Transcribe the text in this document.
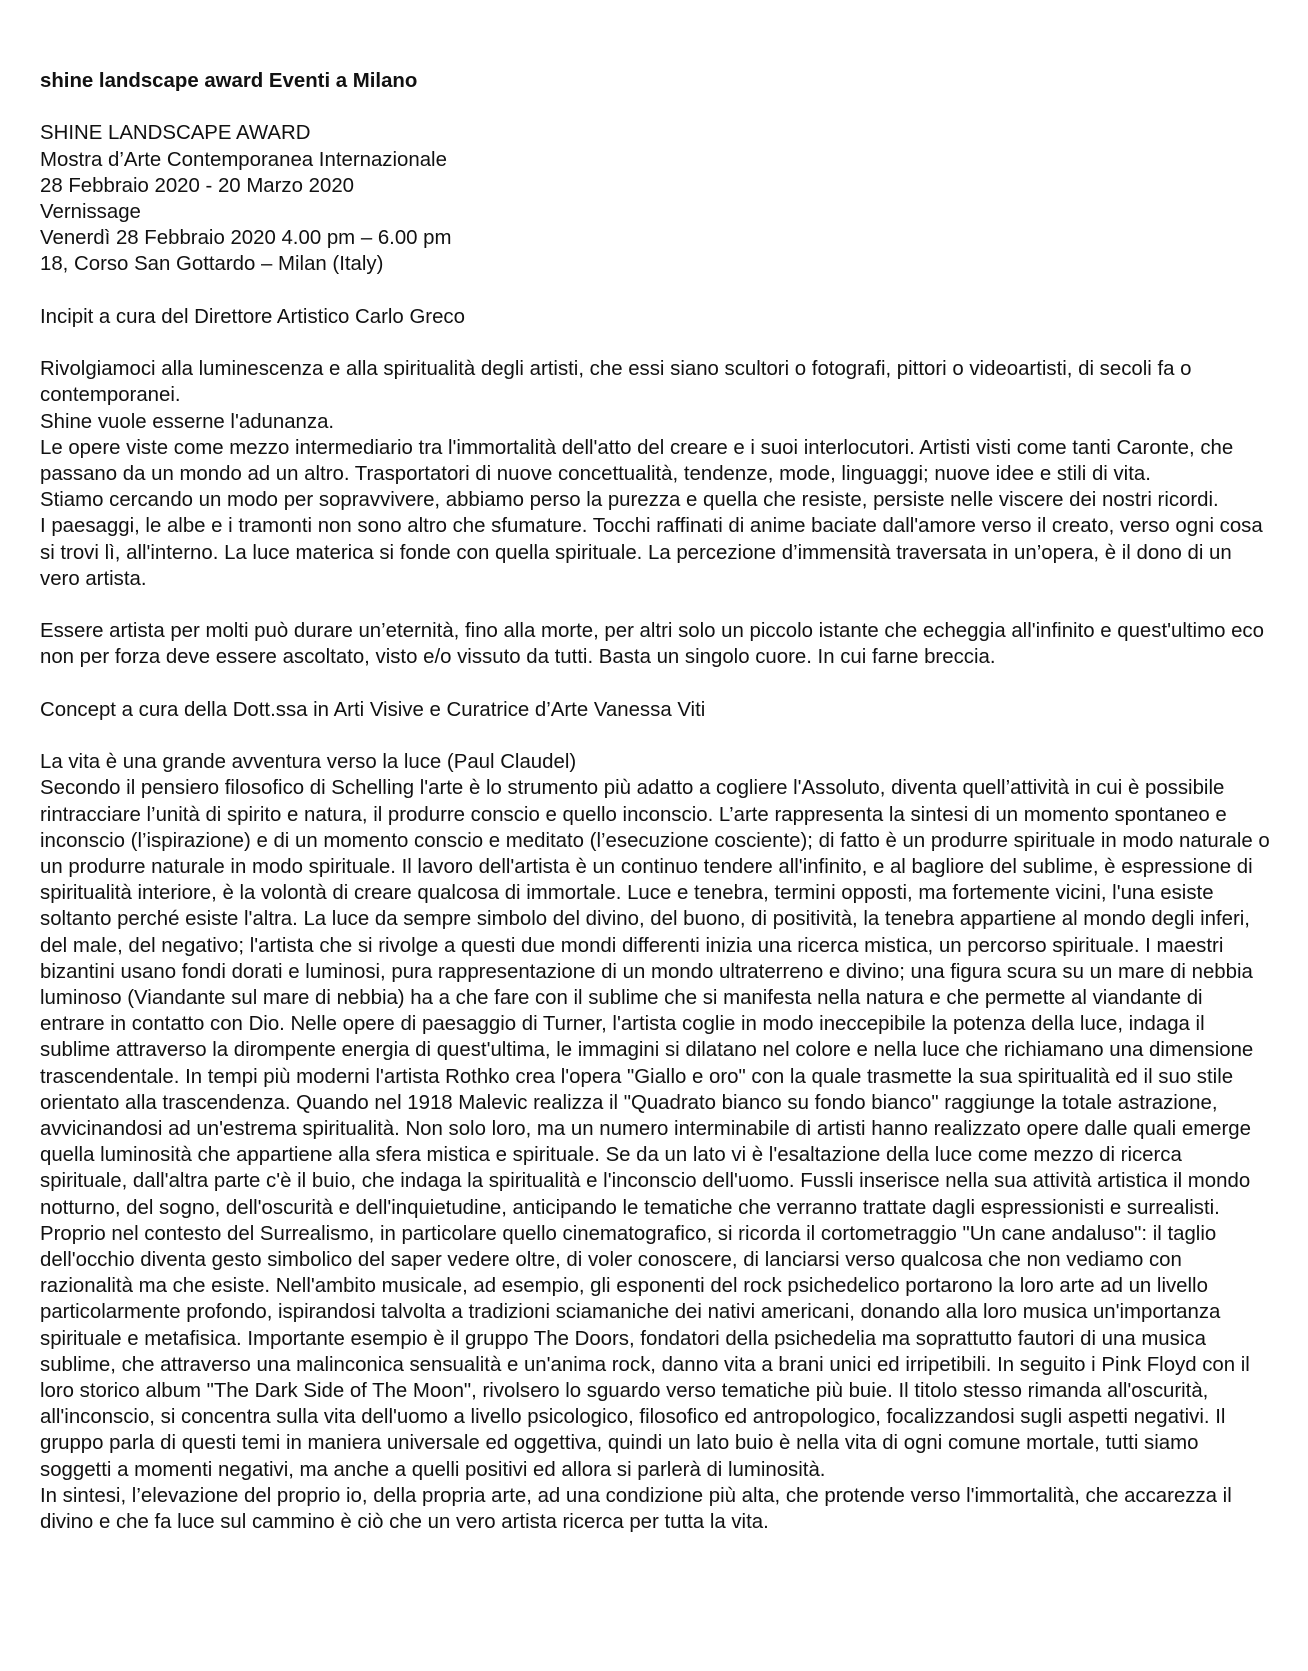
shine landscape award Eventi a Milano

SHINE LANDSCAPE AWARD
Mostra d’Arte Contemporanea Internazionale
28 Febbraio 2020 - 20 Marzo 2020
Vernissage
Venerdì 28 Febbraio 2020 4.00 pm – 6.00 pm
18, Corso San Gottardo – Milan (Italy)

Incipit a cura del Direttore Artistico Carlo Greco

Rivolgiamoci alla luminescenza e alla spiritualità degli artisti, che essi siano scultori o fotografi, pittori o videoartisti, di secoli fa o contemporanei.
Shine vuole esserne l'adunanza.
Le opere viste come mezzo intermediario tra l'immortalità dell'atto del creare e i suoi interlocutori. Artisti visti come tanti Caronte, che passano da un mondo ad un altro. Trasportatori di nuove concettualità, tendenze, mode, linguaggi; nuove idee e stili di vita.
Stiamo cercando un modo per sopravvivere, abbiamo perso la purezza e quella che resiste, persiste nelle viscere dei nostri ricordi.
I paesaggi, le albe e i tramonti non sono altro che sfumature. Tocchi raffinati di anime baciate dall'amore verso il creato, verso ogni cosa si trovi lì, all'interno. La luce materica si fonde con quella spirituale. La percezione d’immensità traversata in un’opera, è il dono di un vero artista.

Essere artista per molti può durare un’eternità, fino alla morte, per altri solo un piccolo istante che echeggia all'infinito e quest'ultimo eco non per forza deve essere ascoltato, visto e/o vissuto da tutti. Basta un singolo cuore. In cui farne breccia.

Concept a cura della Dott.ssa in Arti Visive e Curatrice d’Arte Vanessa Viti

La vita è una grande avventura verso la luce (Paul Claudel)
Secondo il pensiero filosofico di Schelling l'arte è lo strumento più adatto a cogliere l'Assoluto, diventa quell’attività in cui è possibile rintracciare l’unità di spirito e natura, il produrre conscio e quello inconscio. L’arte rappresenta la sintesi di un momento spontaneo e inconscio (l’ispirazione) e di un momento conscio e meditato (l’esecuzione cosciente); di fatto è un produrre spirituale in modo naturale o un produrre naturale in modo spirituale. Il lavoro dell'artista è un continuo tendere all'infinito, e al bagliore del sublime, è espressione di spiritualità interiore, è la volontà di creare qualcosa di immortale. Luce e tenebra, termini opposti, ma fortemente vicini, l'una esiste soltanto perché esiste l'altra. La luce da sempre simbolo del divino, del buono, di positività, la tenebra appartiene al mondo degli inferi, del male, del negativo; l'artista che si rivolge a questi due mondi differenti inizia una ricerca mistica, un percorso spirituale. I maestri bizantini usano fondi dorati e luminosi, pura rappresentazione di un mondo ultraterreno e divino; una figura scura su un mare di nebbia luminoso (Viandante sul mare di nebbia) ha a che fare con il sublime che si manifesta nella natura e che permette al viandante di entrare in contatto con Dio. Nelle opere di paesaggio di Turner, l'artista coglie in modo ineccepibile la potenza della luce, indaga il sublime attraverso la dirompente energia di quest'ultima, le immagini si dilatano nel colore e nella luce che richiamano una dimensione trascendentale. In tempi più moderni l'artista Rothko crea l'opera "Giallo e oro" con la quale trasmette la sua spiritualità ed il suo stile orientato alla trascendenza. Quando nel 1918 Malevic realizza il "Quadrato bianco su fondo bianco" raggiunge la totale astrazione, avvicinandosi ad un'estrema spiritualità. Non solo loro, ma un numero interminabile di artisti hanno realizzato opere dalle quali emerge quella luminosità che appartiene alla sfera mistica e spirituale. Se da un lato vi è l'esaltazione della luce come mezzo di ricerca spirituale, dall'altra parte c'è il buio, che indaga la spiritualità e l'inconscio dell'uomo. Fussli inserisce nella sua attività artistica il mondo notturno, del sogno, dell'oscurità e dell'inquietudine, anticipando le tematiche che verranno trattate dagli espressionisti e surrealisti. Proprio nel contesto del Surrealismo, in particolare quello cinematografico, si ricorda il cortometraggio "Un cane andaluso": il taglio dell'occhio diventa gesto simbolico del saper vedere oltre, di voler conoscere, di lanciarsi verso qualcosa che non vediamo con razionalità ma che esiste. Nell'ambito musicale, ad esempio, gli esponenti del rock psichedelico portarono la loro arte ad un livello particolarmente profondo, ispirandosi talvolta a tradizioni sciamaniche dei nativi americani, donando alla loro musica un'importanza spirituale e metafisica. Importante esempio è il gruppo The Doors, fondatori della psichedelia ma soprattutto fautori di una musica sublime, che attraverso una malinconica sensualità e un'anima rock, danno vita a brani unici ed irripetibili. In seguito i Pink Floyd con il loro storico album "The Dark Side of The Moon", rivolsero lo sguardo verso tematiche più buie. Il titolo stesso rimanda all'oscurità, all'inconscio, si concentra sulla vita dell'uomo a livello psicologico, filosofico ed antropologico, focalizzandosi sugli aspetti negativi. Il gruppo parla di questi temi in maniera universale ed oggettiva, quindi un lato buio è nella vita di ogni comune mortale, tutti siamo soggetti a momenti negativi, ma anche a quelli positivi ed allora si parlerà di luminosità.
In sintesi, l’elevazione del proprio io, della propria arte, ad una condizione più alta, che protende verso l'immortalità, che accarezza il divino e che fa luce sul cammino è ciò che un vero artista ricerca per tutta la vita.
